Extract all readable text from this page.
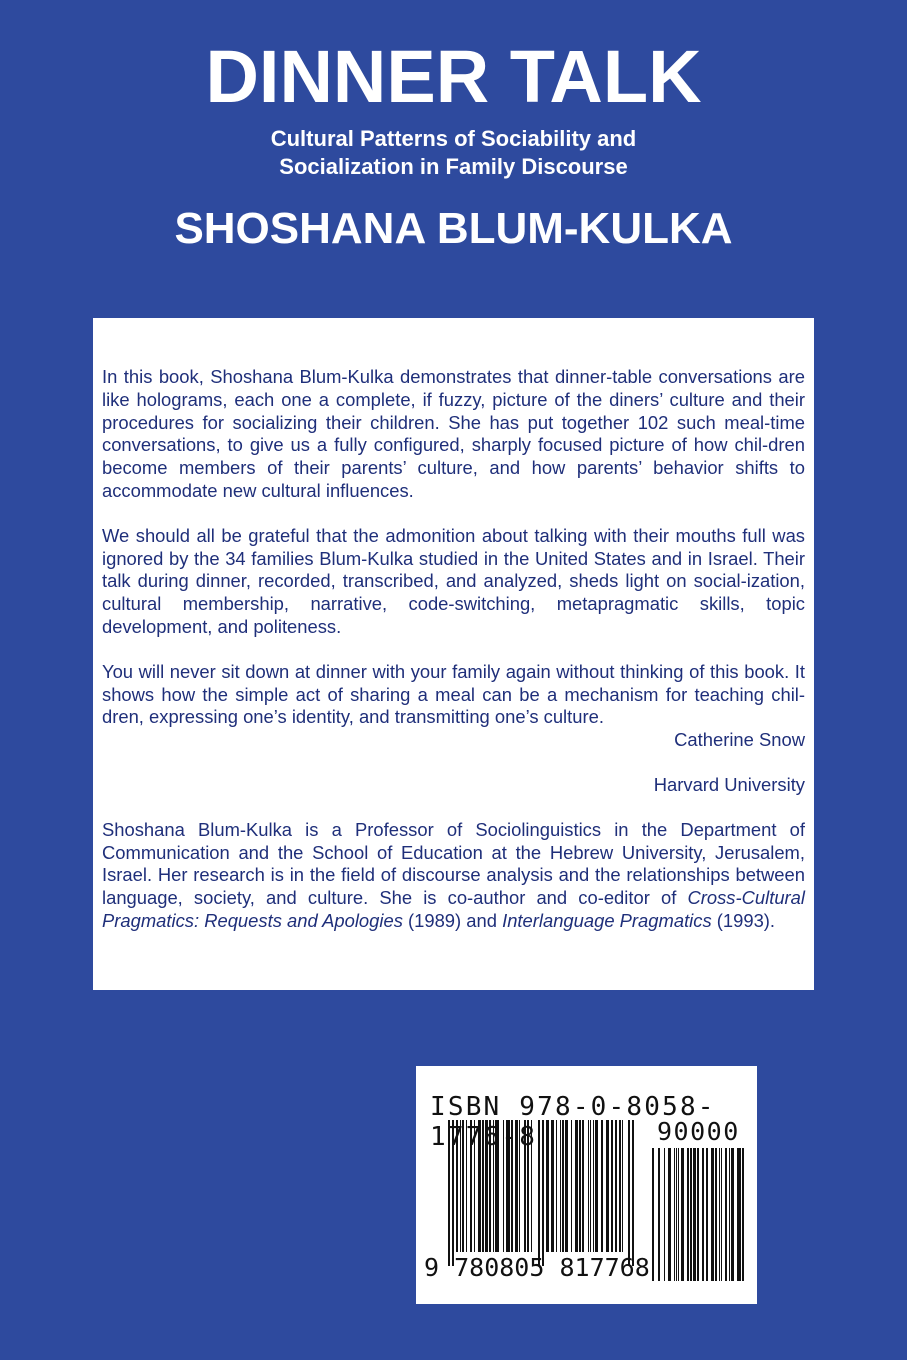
DINNER TALK
Cultural Patterns of Sociability and
Socialization in Family Discourse
SHOSHANA BLUM-KULKA

In this book, Shoshana Blum-Kulka demonstrates that dinner-table conversations are like holograms, each one a complete, if fuzzy, picture of the diners’ culture and their procedures for socializing their children. She has put together 102 such meal-time conversations, to give us a fully configured, sharply focused picture of how chil-dren become members of their parents’ culture, and how parents’ behavior shifts to accommodate new cultural influences.

We should all be grateful that the admonition about talking with their mouths full was ignored by the 34 families Blum-Kulka studied in the United States and in Israel. Their talk during dinner, recorded, transcribed, and analyzed, sheds light on social-ization, cultural membership, narrative, code-switching, metapragmatic skills, topic development, and politeness.

You will never sit down at dinner with your family again without thinking of this book. It shows how the simple act of sharing a meal can be a mechanism for teaching chil-dren, expressing one’s identity, and transmitting one’s culture.

Catherine Snow

Harvard University

Shoshana Blum-Kulka is a Professor of Sociolinguistics in the Department of Communication and the School of Education at the Hebrew University, Jerusalem, Israel. Her research is in the field of discourse analysis and the relationships between language, society, and culture. She is co-author and co-editor of Cross-Cultural Pragmatics: Requests and Apologies (1989) and Interlanguage Pragmatics (1993).

ISBN 978-0-8058-1776-8	90000
9 780805 817768
